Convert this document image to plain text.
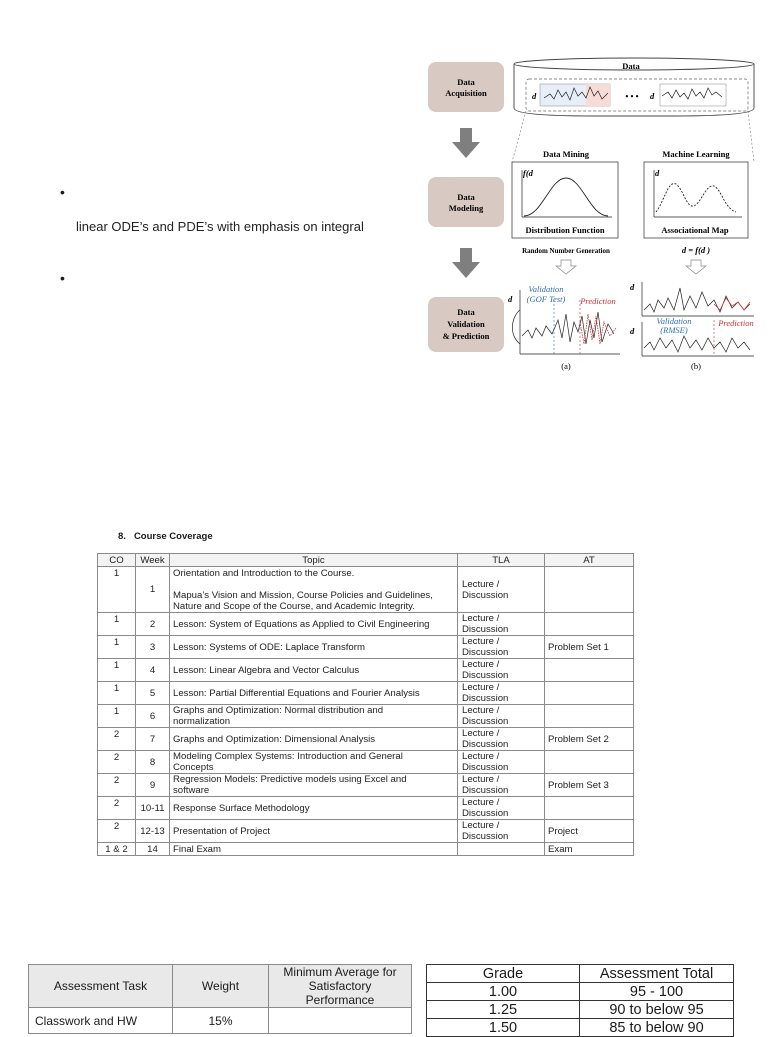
•
linear ODE’s and PDE’s with emphasis on integral
•
Data
Acquisition
Data
Modeling
Data
Validation
& Prediction
Data
d	• • • d
Data Mining
f(d
Distribution Function
Machine Learning
d
Associational Map
Random Number Generation	d = f(d )
d
Validation
(GOF Test) Prediction
(a)
d
d
Validation
(RMSE)
Prediction
(b)
8. Course Coverage
CO	Week	Topic	TLA	AT
1	1	Orientation and Introduction to the Course.

Mapua’s Vision and Mission, Course Policies and Guidelines,
Nature and Scope of the Course, and Academic Integrity.	Lecture /
Discussion	
1	2	Lesson: System of Equations as Applied to Civil Engineering	Lecture /
Discussion	
1	3	Lesson: Systems of ODE: Laplace Transform	Lecture /
Discussion	Problem Set 1
1	4	Lesson: Linear Algebra and Vector Calculus	Lecture /
Discussion	
1	5	Lesson: Partial Differential Equations and Fourier Analysis	Lecture /
Discussion	
1	6	Graphs and Optimization: Normal distribution and
normalization	Lecture /
Discussion	
2	7	Graphs and Optimization: Dimensional Analysis	Lecture /
Discussion	Problem Set 2
2	8	Modeling Complex Systems: Introduction and General
Concepts	Lecture /
Discussion	
2	9	Regression Models: Predictive models using Excel and
software	Lecture /
Discussion	Problem Set 3
2	10-11	Response Surface Methodology	Lecture /
Discussion	
2	12-13	Presentation of Project	Lecture /
Discussion	Project
1 & 2	14	Final Exam		Exam
Assessment Task	Weight	Minimum Average for Satisfactory Performance
Classwork and HW	15%	
Grade	Assessment Total
1.00	95 - 100
1.25	90 to below 95
1.50	85 to below 90
